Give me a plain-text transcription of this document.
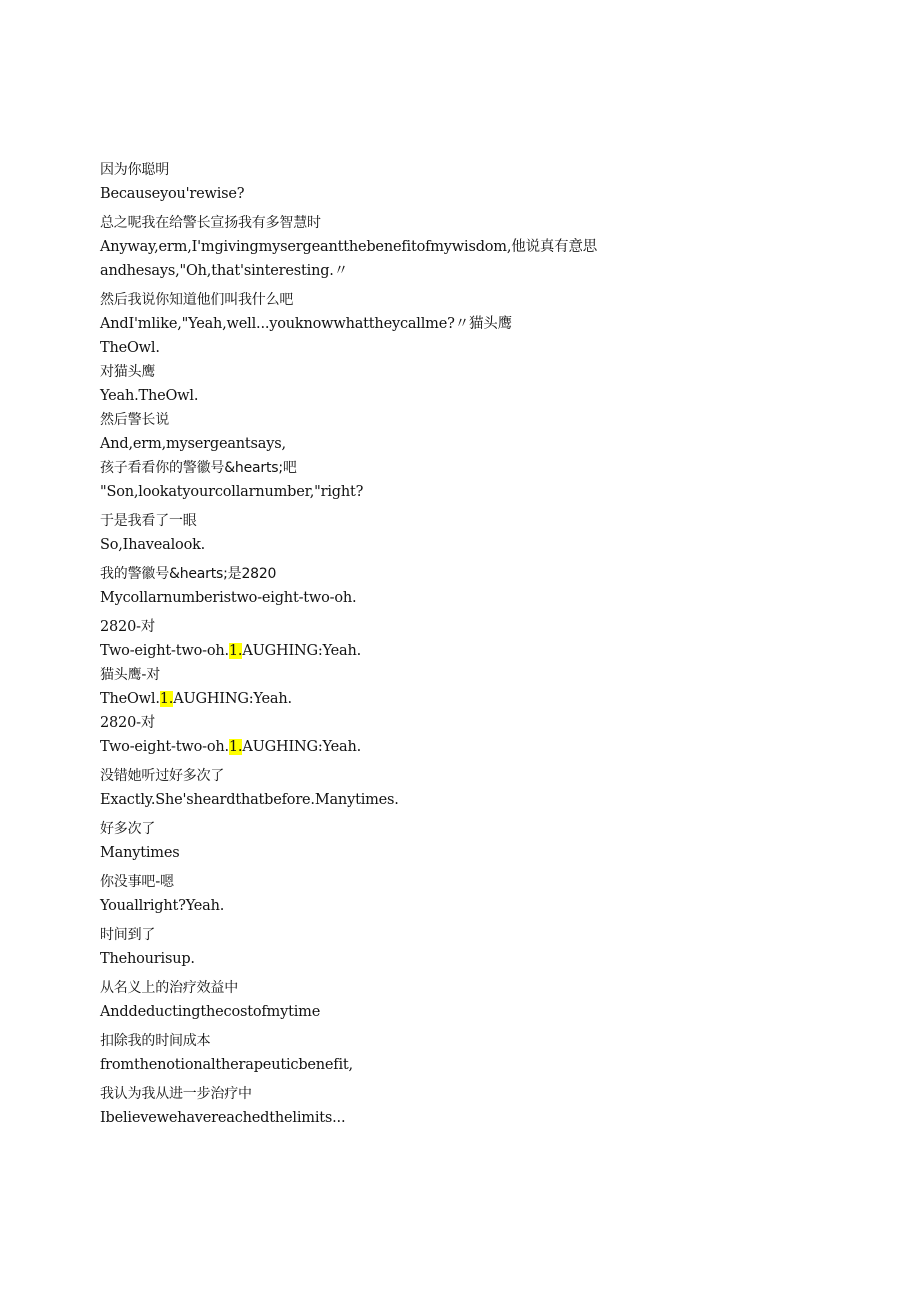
因为你聪明
Becauseyou'rewise?
总之呢我在给警长宣扬我有多智慧时
Anyway,erm,I'mgivingmysergeantthebenefitofmywisdom,他说真有意思
andhesays,"Oh,that'sinteresting.〃
然后我说你知道他们叫我什么吧
AndI'mlike,"Yeah,well...youknowwhattheycallme?〃猫头鹰
TheOwl.
对猫头鹰
Yeah.TheOwl.
然后警长说
And,erm,mysergeantsays,
孩子看看你的警徽号&hearts;吧
"Son,lookatyourcollarnumber,"right?
于是我看了一眼
So,Ihavealook.
我的警徽号&hearts;是2820
Mycollarnumberistwo-eight-two-oh.
2820-对
Two-eight-two-oh.1.AUGHING:Yeah.
猫头鹰-对
TheOwl.1.AUGHING:Yeah.
2820-对
Two-eight-two-oh.1.AUGHING:Yeah.
没错她听过好多次了
Exactly.She'sheardthatbefore.Manytimes.
好多次了
Manytimes
你没事吧-嗯
Youallright?Yeah.
时间到了
Thehourisup.
从名义上的治疗效益中
Anddeductingthecostofmytime
扣除我的时间成本
fromthenotionaltherapeuticbenefit,
我认为我从进一步治疗中
Ibelievewehavereachedthelimits...
